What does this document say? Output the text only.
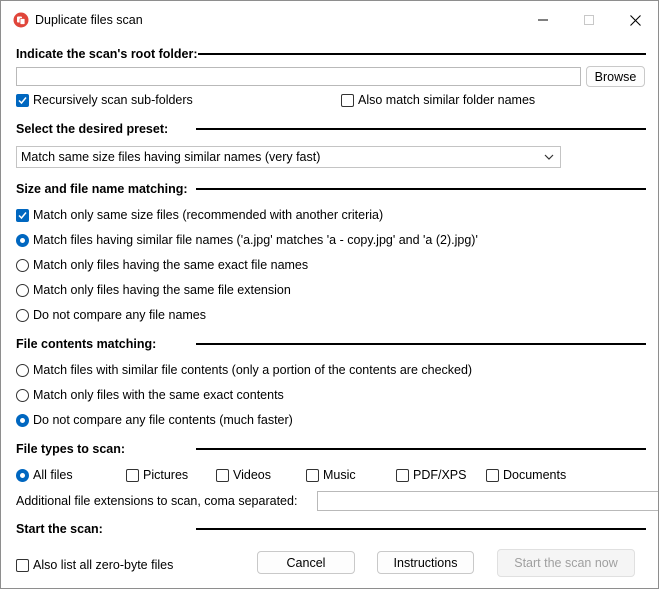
Duplicate files scan
Indicate the scan's root folder:
Browse
Recursively scan sub-folders	Also match similar folder names
Select the desired preset:
Match same size files having similar names (very fast)
Size and file name matching:
Match only same size files (recommended with another criteria)
Match files having similar file names ('a.jpg' matches 'a - copy.jpg' and 'a (2).jpg)'
Match only files having the same exact file names
Match only files having the same file extension
Do not compare any file names
File contents matching:
Match files with similar file contents (only a portion of the contents are checked)
Match only files with the same exact contents
Do not compare any file contents (much faster)
File types to scan:
All files	Pictures	Videos	Music	PDF/XPS	Documents
Additional file extensions to scan, coma separated:
Start the scan:
Also list all zero-byte files	Cancel	Instructions	Start the scan now
